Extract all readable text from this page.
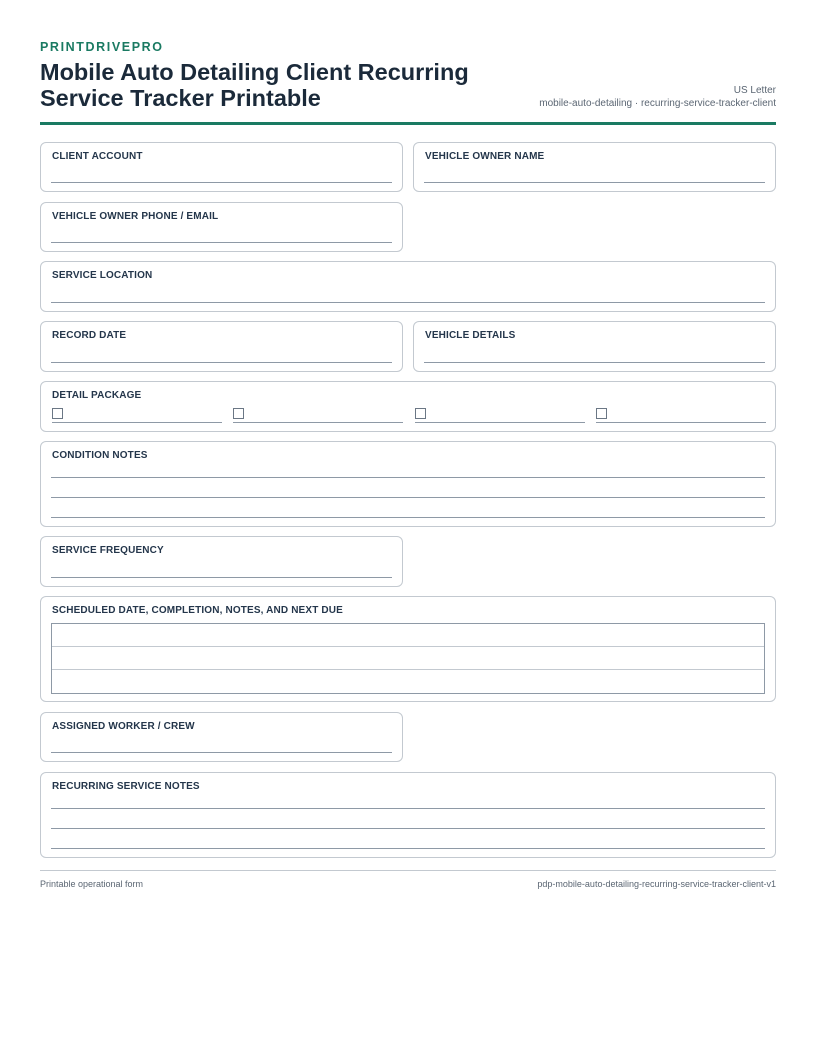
PRINTDRIVEPRO
Mobile Auto Detailing Client Recurring Service Tracker Printable	US Letter
mobile-auto-detailing · recurring-service-tracker-client
CLIENT ACCOUNT	VEHICLE OWNER NAME
VEHICLE OWNER PHONE / EMAIL
SERVICE LOCATION
RECORD DATE	VEHICLE DETAILS
DETAIL PACKAGE
CONDITION NOTES
SERVICE FREQUENCY
SCHEDULED DATE, COMPLETION, NOTES, AND NEXT DUE
ASSIGNED WORKER / CREW
RECURRING SERVICE NOTES
Printable operational form	pdp-mobile-auto-detailing-recurring-service-tracker-client-v1
